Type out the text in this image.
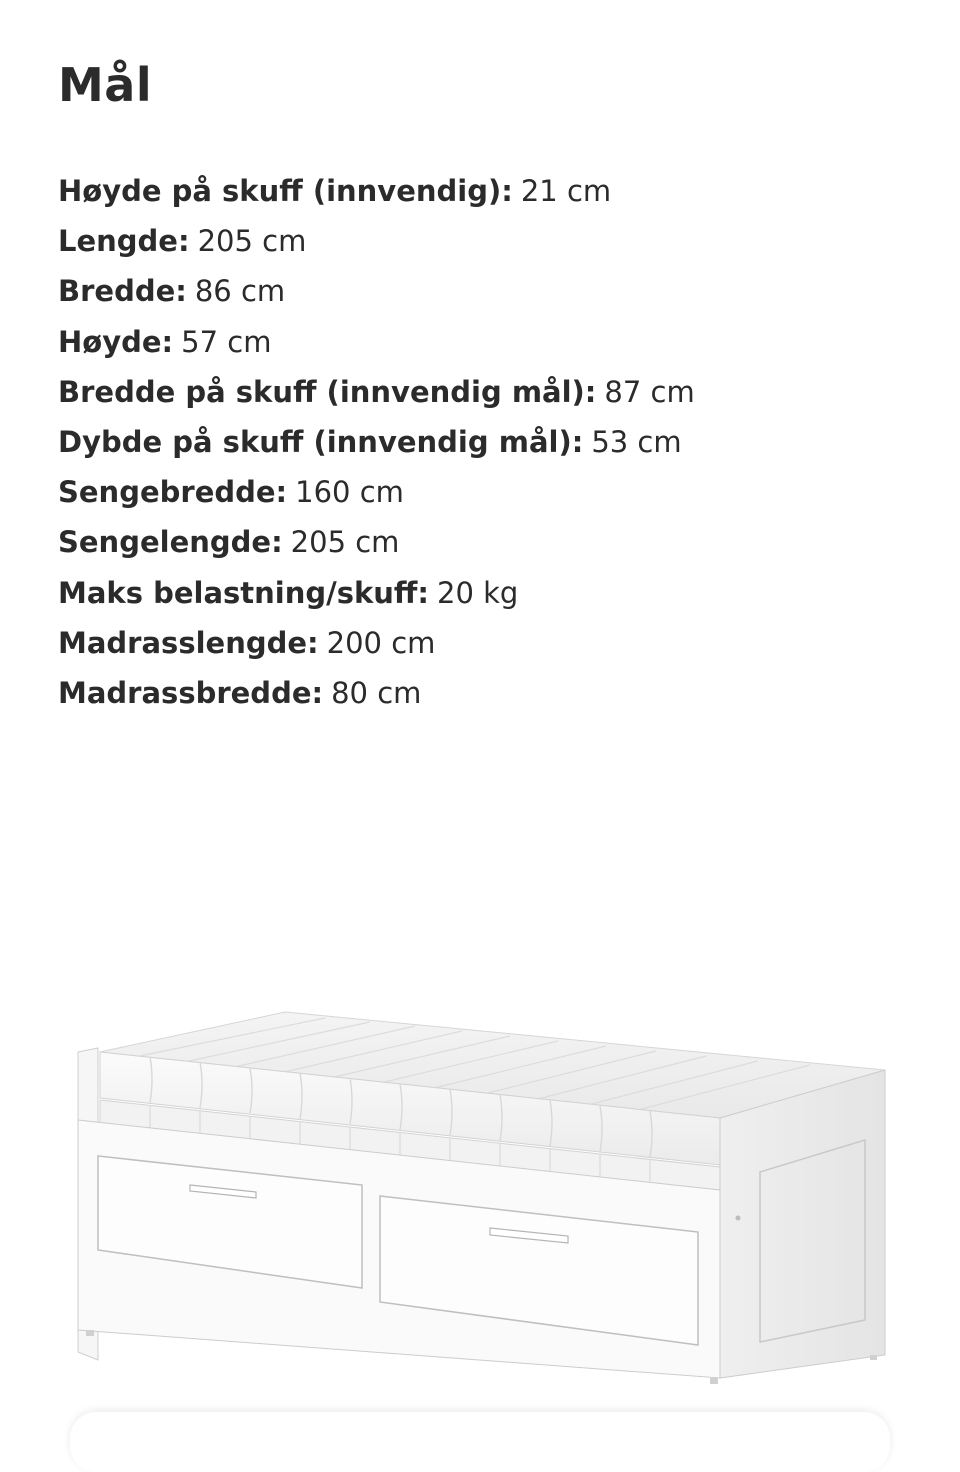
Mål
Høyde på skuff (innvendig): 21 cm
Lengde: 205 cm
Bredde: 86 cm
Høyde: 57 cm
Bredde på skuff (innvendig mål): 87 cm
Dybde på skuff (innvendig mål): 53 cm
Sengebredde: 160 cm
Sengelengde: 205 cm
Maks belastning/skuff: 20 kg
Madrasslengde: 200 cm
Madrassbredde: 80 cm
